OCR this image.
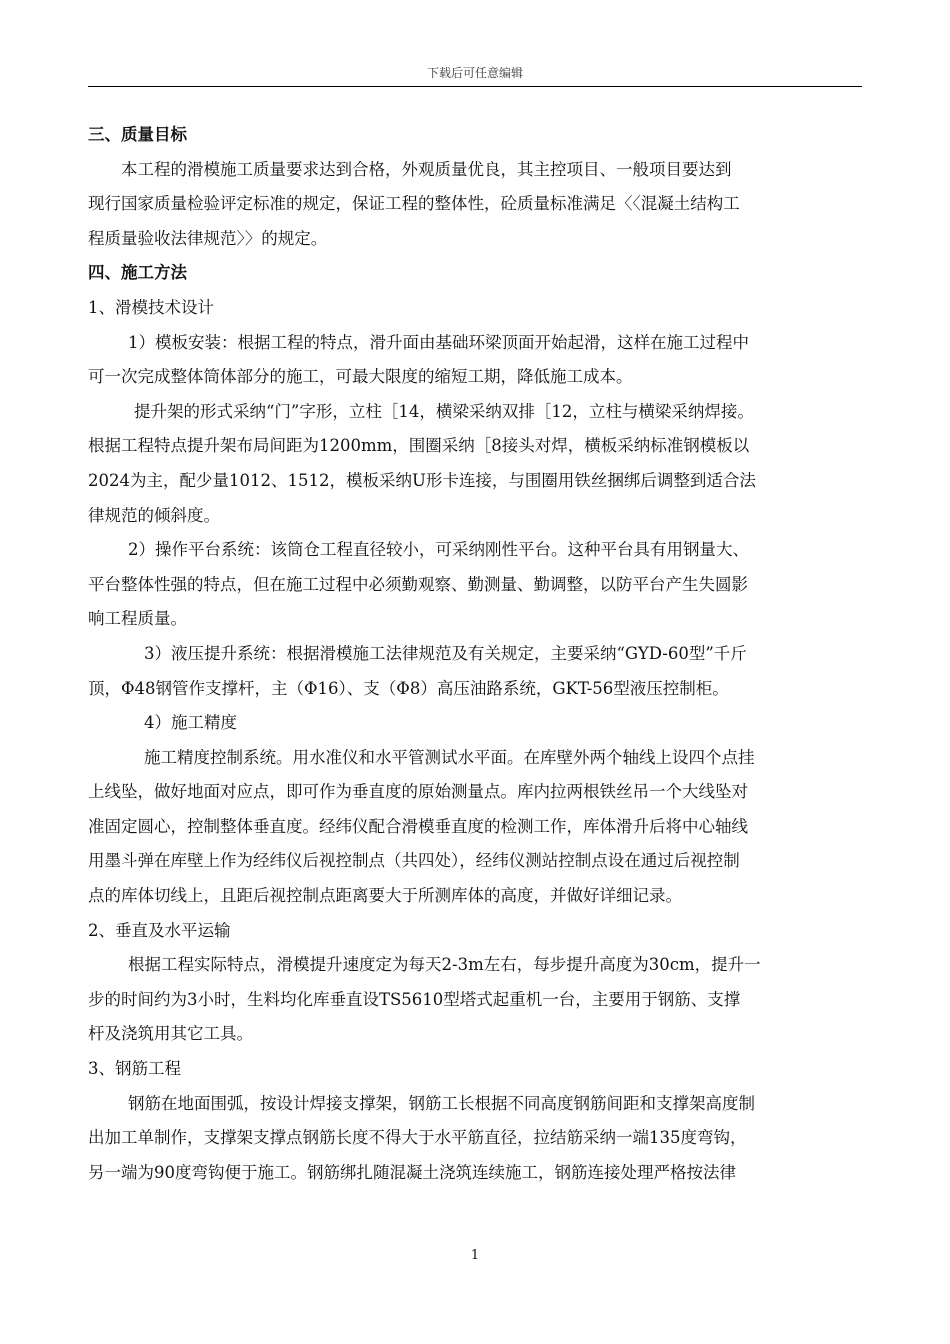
下载后可任意编辑
三、质量目标
本工程的滑模施工质量要求达到合格，外观质量优良，其主控项目、一般项目要达到
现行国家质量检验评定标准的规定，保证工程的整体性，砼质量标准满足〈〈混凝土结构工
程质量验收法律规范〉〉的规定。
四、施工方法
1、滑模技术设计
1）模板安装：根据工程的特点，滑升面由基础环梁顶面开始起滑，这样在施工过程中
可一次完成整体筒体部分的施工，可最大限度的缩短工期，降低施工成本。
提升架的形式采纳“门”字形，立柱［14，横梁采纳双排［12，立柱与横梁采纳焊接。
根据工程特点提升架布局间距为1200mm，围圈采纳［8接头对焊，横板采纳标准钢模板以
2024为主，配少量1012、1512，模板采纳U形卡连接，与围圈用铁丝捆绑后调整到适合法
律规范的倾斜度。
2）操作平台系统：该筒仓工程直径较小，可采纳刚性平台。这种平台具有用钢量大、
平台整体性强的特点，但在施工过程中必须勤观察、勤测量、勤调整，以防平台产生失圆影
响工程质量。
3）液压提升系统：根据滑模施工法律规范及有关规定，主要采纳“GYD-60型”千斤
顶，Φ48钢管作支撑杆，主（Φ16）、支（Φ8）高压油路系统，GKT-56型液压控制柜。
4）施工精度
施工精度控制系统。用水准仪和水平管测试水平面。在库壁外两个轴线上设四个点挂
上线坠，做好地面对应点，即可作为垂直度的原始测量点。库内拉两根铁丝吊一个大线坠对
准固定圆心，控制整体垂直度。经纬仪配合滑模垂直度的检测工作，库体滑升后将中心轴线
用墨斗弹在库壁上作为经纬仪后视控制点（共四处），经纬仪测站控制点设在通过后视控制
点的库体切线上，且距后视控制点距离要大于所测库体的高度，并做好详细记录。
2、垂直及水平运输
根据工程实际特点，滑模提升速度定为每天2-3m左右，每步提升高度为30cm，提升一
步的时间约为3小时，生料均化库垂直设TS5610型塔式起重机一台，主要用于钢筋、支撑
杆及浇筑用其它工具。
3、钢筋工程
钢筋在地面围弧，按设计焊接支撑架，钢筋工长根据不同高度钢筋间距和支撑架高度制
出加工单制作，支撑架支撑点钢筋长度不得大于水平筋直径，拉结筋采纳一端135度弯钩，
另一端为90度弯钩便于施工。钢筋绑扎随混凝土浇筑连续施工，钢筋连接处理严格按法律
1
